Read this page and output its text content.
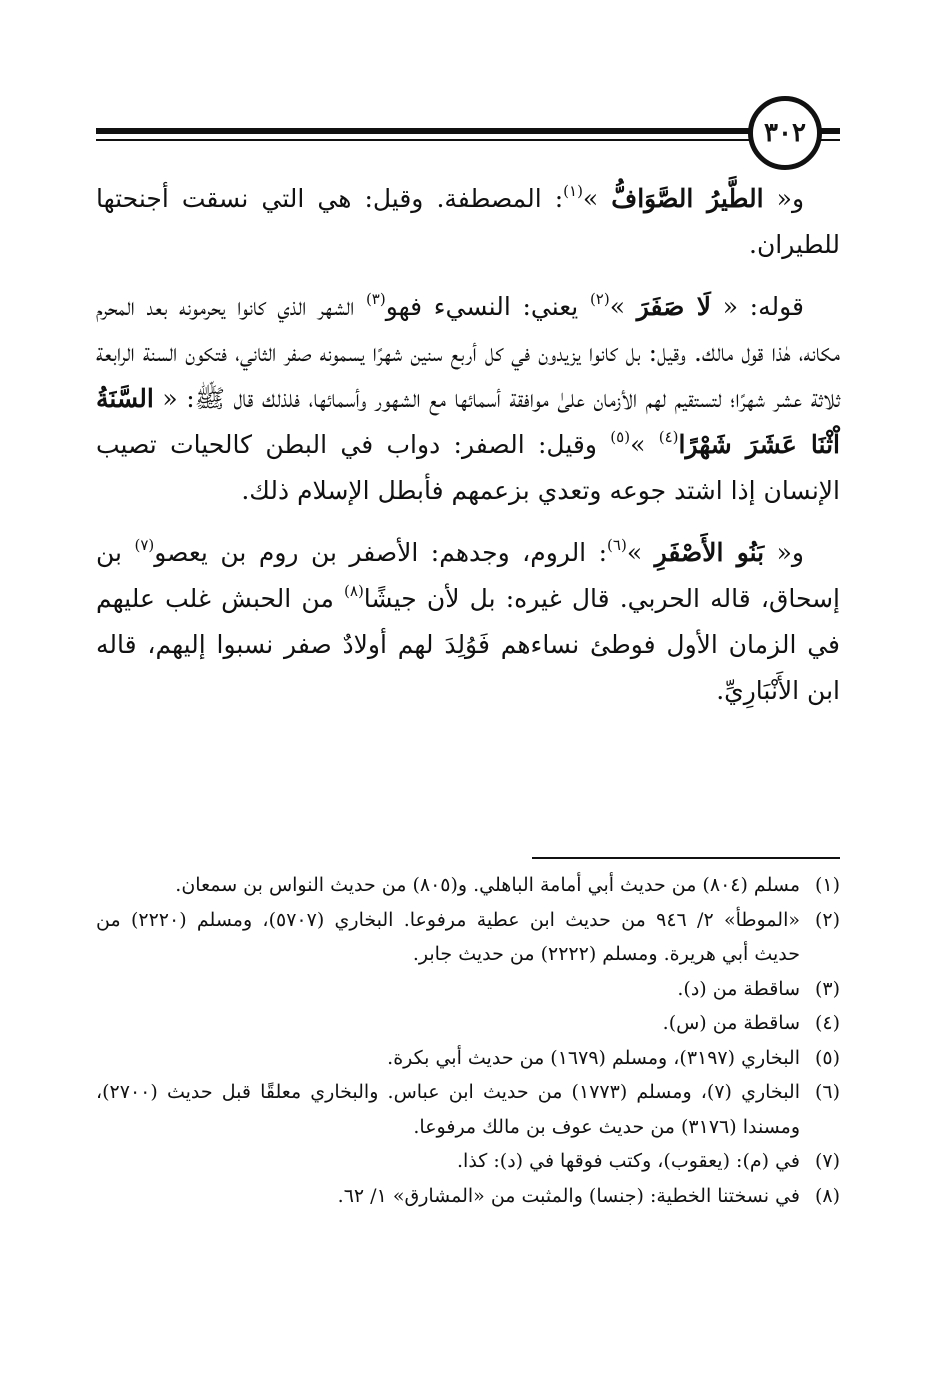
٣٠٢

و« الطَّيرُ الصَّوَافُّ »$^{(١)}$: المصطفة. وقيل: هي التي نسقت أجنحتها للطيران.

قوله: « لَا صَفَرَ »$^{(٢)}$ يعني: النسيء فهو$^{(٣)}$ الشهر الذي كانوا يحرمونه بعد المحرم مكانه، هٰذا قول مالك. وقيل: بل كانوا يزيدون في كل أربع سنين شهرًا يسمونه صفر الثاني، فتكون السنة الرابعة ثلاثة عشر شهرًا؛ لتستقيم لهم الأزمان علىٰ موافقة أسمائها مع الشهور وأسمائها، فلذلك قال ﷺ: « السَّنَةُ اْثْنَا عَشَرَ شَهْرًا$^{(٤)}$ »$^{(٥)}$ وقيل: الصفر: دواب في البطن كالحيات تصيب الإنسان إذا اشتد جوعه وتعدي بزعمهم فأبطل الإسلام ذلك.

و« بَنُو الأَصْفَرِ »$^{(٦)}$: الروم، وجدهم: الأصفر بن روم بن يعصو$^{(٧)}$ بن إسحاق، قاله الحربي. قال غيره: بل لأن جيشًا$^{(٨)}$ من الحبش غلب عليهم في الزمان الأول فوطئ نساءهم فَوُلِدَ لهم أولادٌ صفر نسبوا إليهم، قاله ابن الأَنْبَارِيِّ.

(١)
مسلم (٨٠٤) من حديث أبي أمامة الباهلي. و(٨٠٥) من حديث النواس بن سمعان.
(٢)
«الموطأ» ٢/ ٩٤٦ من حديث ابن عطية مرفوعا. البخاري (٥٧٠٧)، ومسلم (٢٢٢٠) من حديث أبي هريرة. ومسلم (٢٢٢٢) من حديث جابر.
(٣)
ساقطة من (د).
(٤)
ساقطة من (س).
(٥)
البخاري (٣١٩٧)، ومسلم (١٦٧٩) من حديث أبي بكرة.
(٦)
البخاري (٧)، ومسلم (١٧٧٣) من حديث ابن عباس. والبخاري معلقًا قبل حديث (٢٧٠٠)، ومسندا (٣١٧٦) من حديث عوف بن مالك مرفوعا.
(٧)
في (م): (يعقوب)، وكتب فوقها في (د): كذا.
(٨)
في نسختنا الخطية: (جنسا) والمثبت من «المشارق» ١/ ٦٢.
